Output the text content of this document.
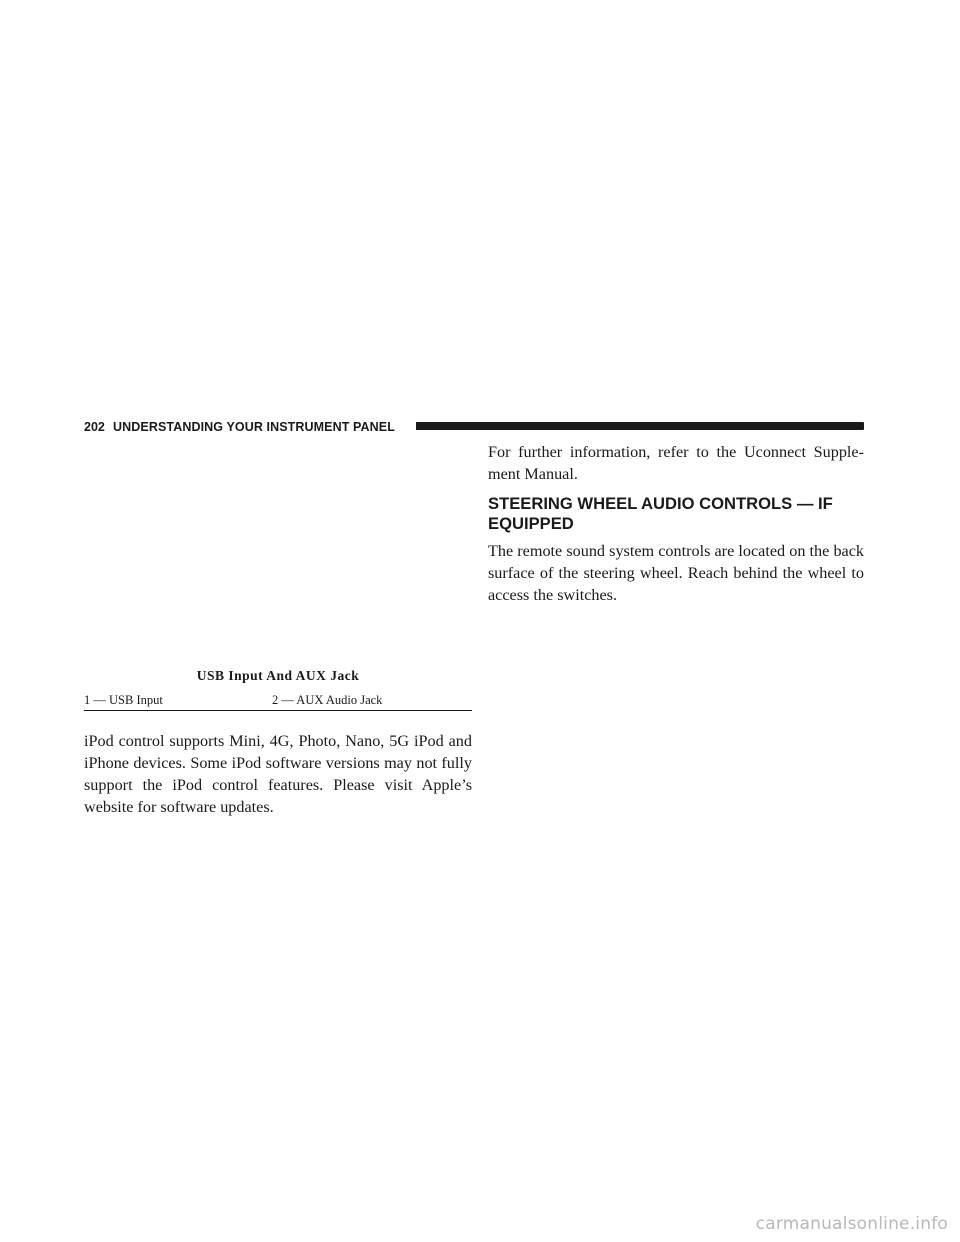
202 UNDERSTANDING YOUR INSTRUMENT PANEL
USB Input And AUX Jack
1 — USB Input	2 — AUX Audio Jack

iPod control supports Mini, 4G, Photo, Nano, 5G iPod and iPhone devices. Some iPod software versions may not fully support the iPod control features. Please visit Apple’s website for software updates.

For further information, refer to the Uconnect Supple- ment Manual.

STEERING WHEEL AUDIO CONTROLS — IF EQUIPPED

The remote sound system controls are located on the back surface of the steering wheel. Reach behind the wheel to access the switches.

carmanualsonline.info
